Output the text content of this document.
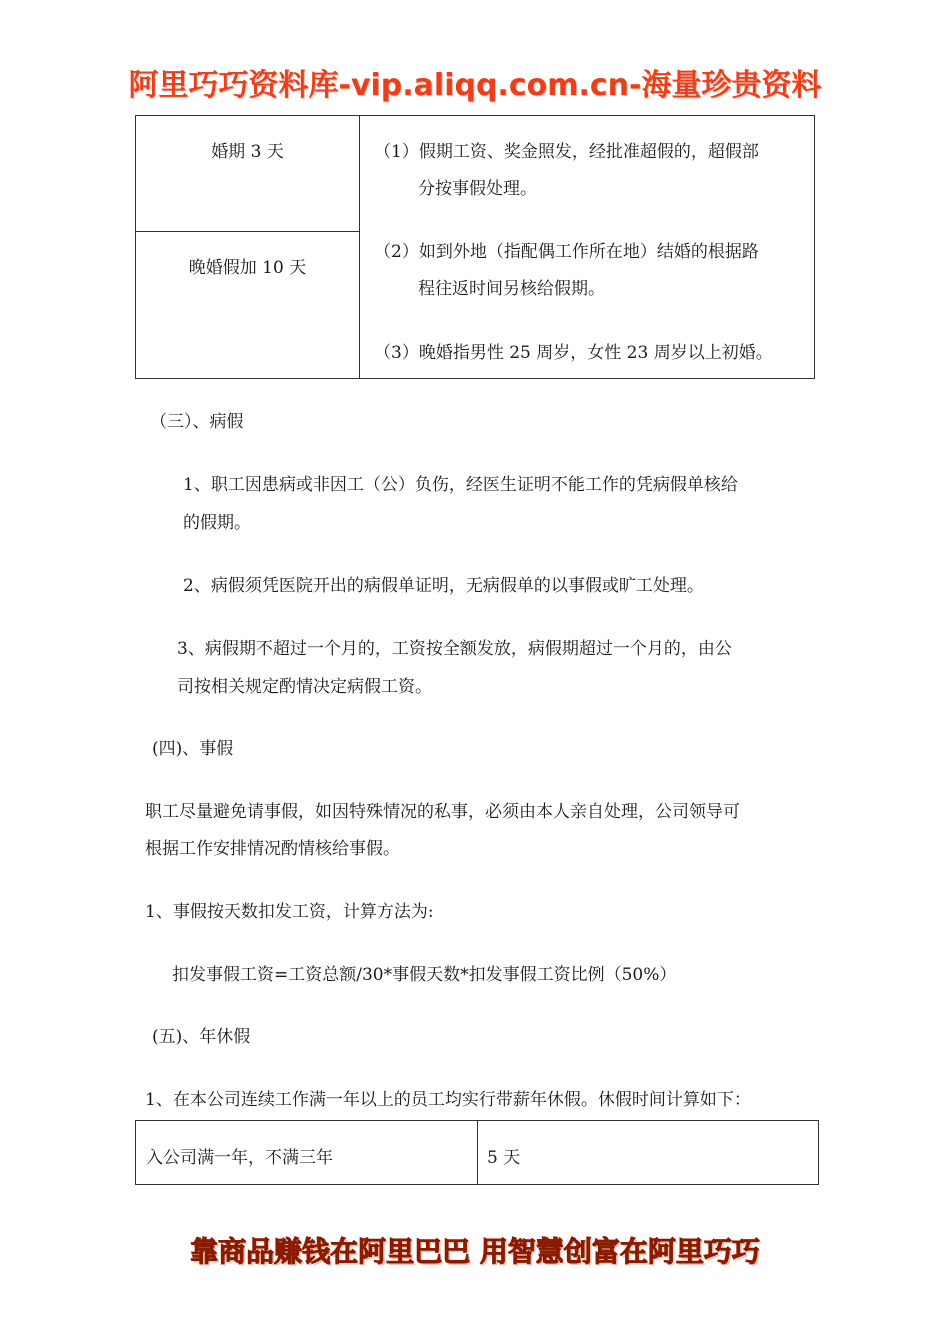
阿里巧巧资料库-vip.aliqq.com.cn-海量珍贵资料
婚期 3 天
晚婚假加 10 天
（1）假期工资、奖金照发，经批准超假的，超假部
分按事假处理。
（2）如到外地（指配偶工作所在地）结婚的根据路
程往返时间另核给假期。
（3）晚婚指男性 25 周岁，女性 23 周岁以上初婚。
（三）、病假
1、职工因患病或非因工（公）负伤，经医生证明不能工作的凭病假单核给
的假期。
2、病假须凭医院开出的病假单证明，无病假单的以事假或旷工处理。
3、病假期不超过一个月的，工资按全额发放，病假期超过一个月的，由公
司按相关规定酌情决定病假工资。
(四)、事假
职工尽量避免请事假，如因特殊情况的私事，必须由本人亲自处理，公司领导可
根据工作安排情况酌情核给事假。
1、事假按天数扣发工资，计算方法为:
扣发事假工资=工资总额/30*事假天数*扣发事假工资比例（50%）
(五)、年休假
1、在本公司连续工作满一年以上的员工均实行带薪年休假。休假时间计算如下：
入公司满一年，不满三年	5 天
靠商品赚钱在阿里巴巴 用智慧创富在阿里巧巧
